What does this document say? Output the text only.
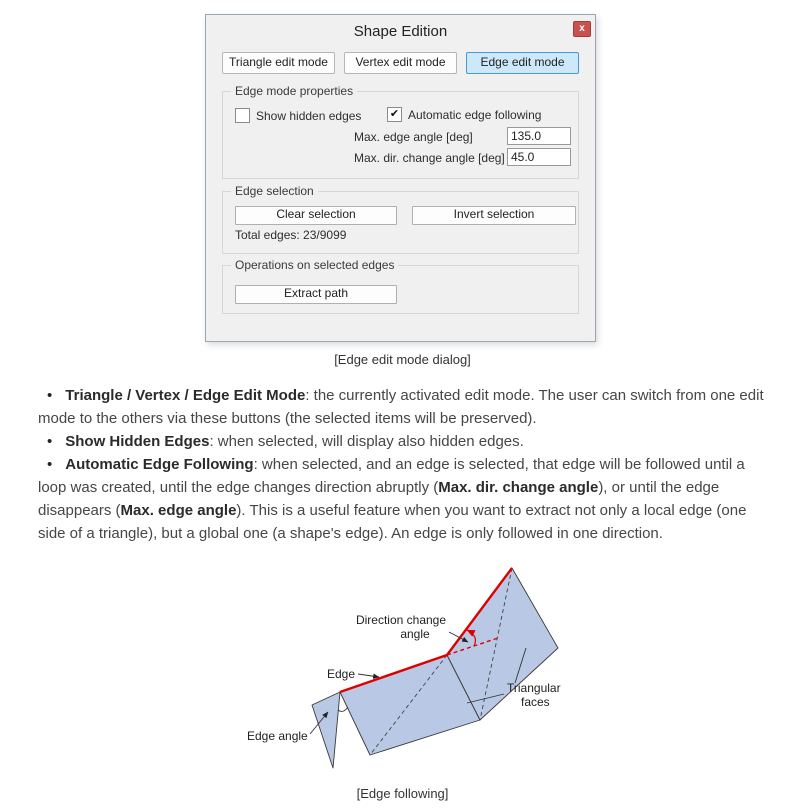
Shape Edition	x
Triangle edit mode	Vertex edit mode	Edge edit mode
Edge mode properties
Show hidden edges	✔ Automatic edge following
Max. edge angle [deg]
135.0
Max. dir. change angle [deg]
45.0
Edge selection
Clear selection	Invert selection
Total edges: 23/9099
Operations on selected edges
Extract path
[Edge edit mode dialog]
• Triangle / Vertex / Edge Edit Mode: the currently activated edit mode. The user can switch from one edit mode to the others via these buttons (the selected items will be preserved).
• Show Hidden Edges: when selected, will display also hidden edges.
• Automatic Edge Following: when selected, and an edge is selected, that edge will be followed until a loop was created, until the edge changes direction abruptly (Max. dir. change angle), or until the edge disappears (Max. edge angle). This is a useful feature when you want to extract not only a local edge (one side of a triangle), but a global one (a shape's edge). An edge is only followed in one direction.
Direction change
angle
Edge
Triangular
faces
Edge angle
[Edge following]
